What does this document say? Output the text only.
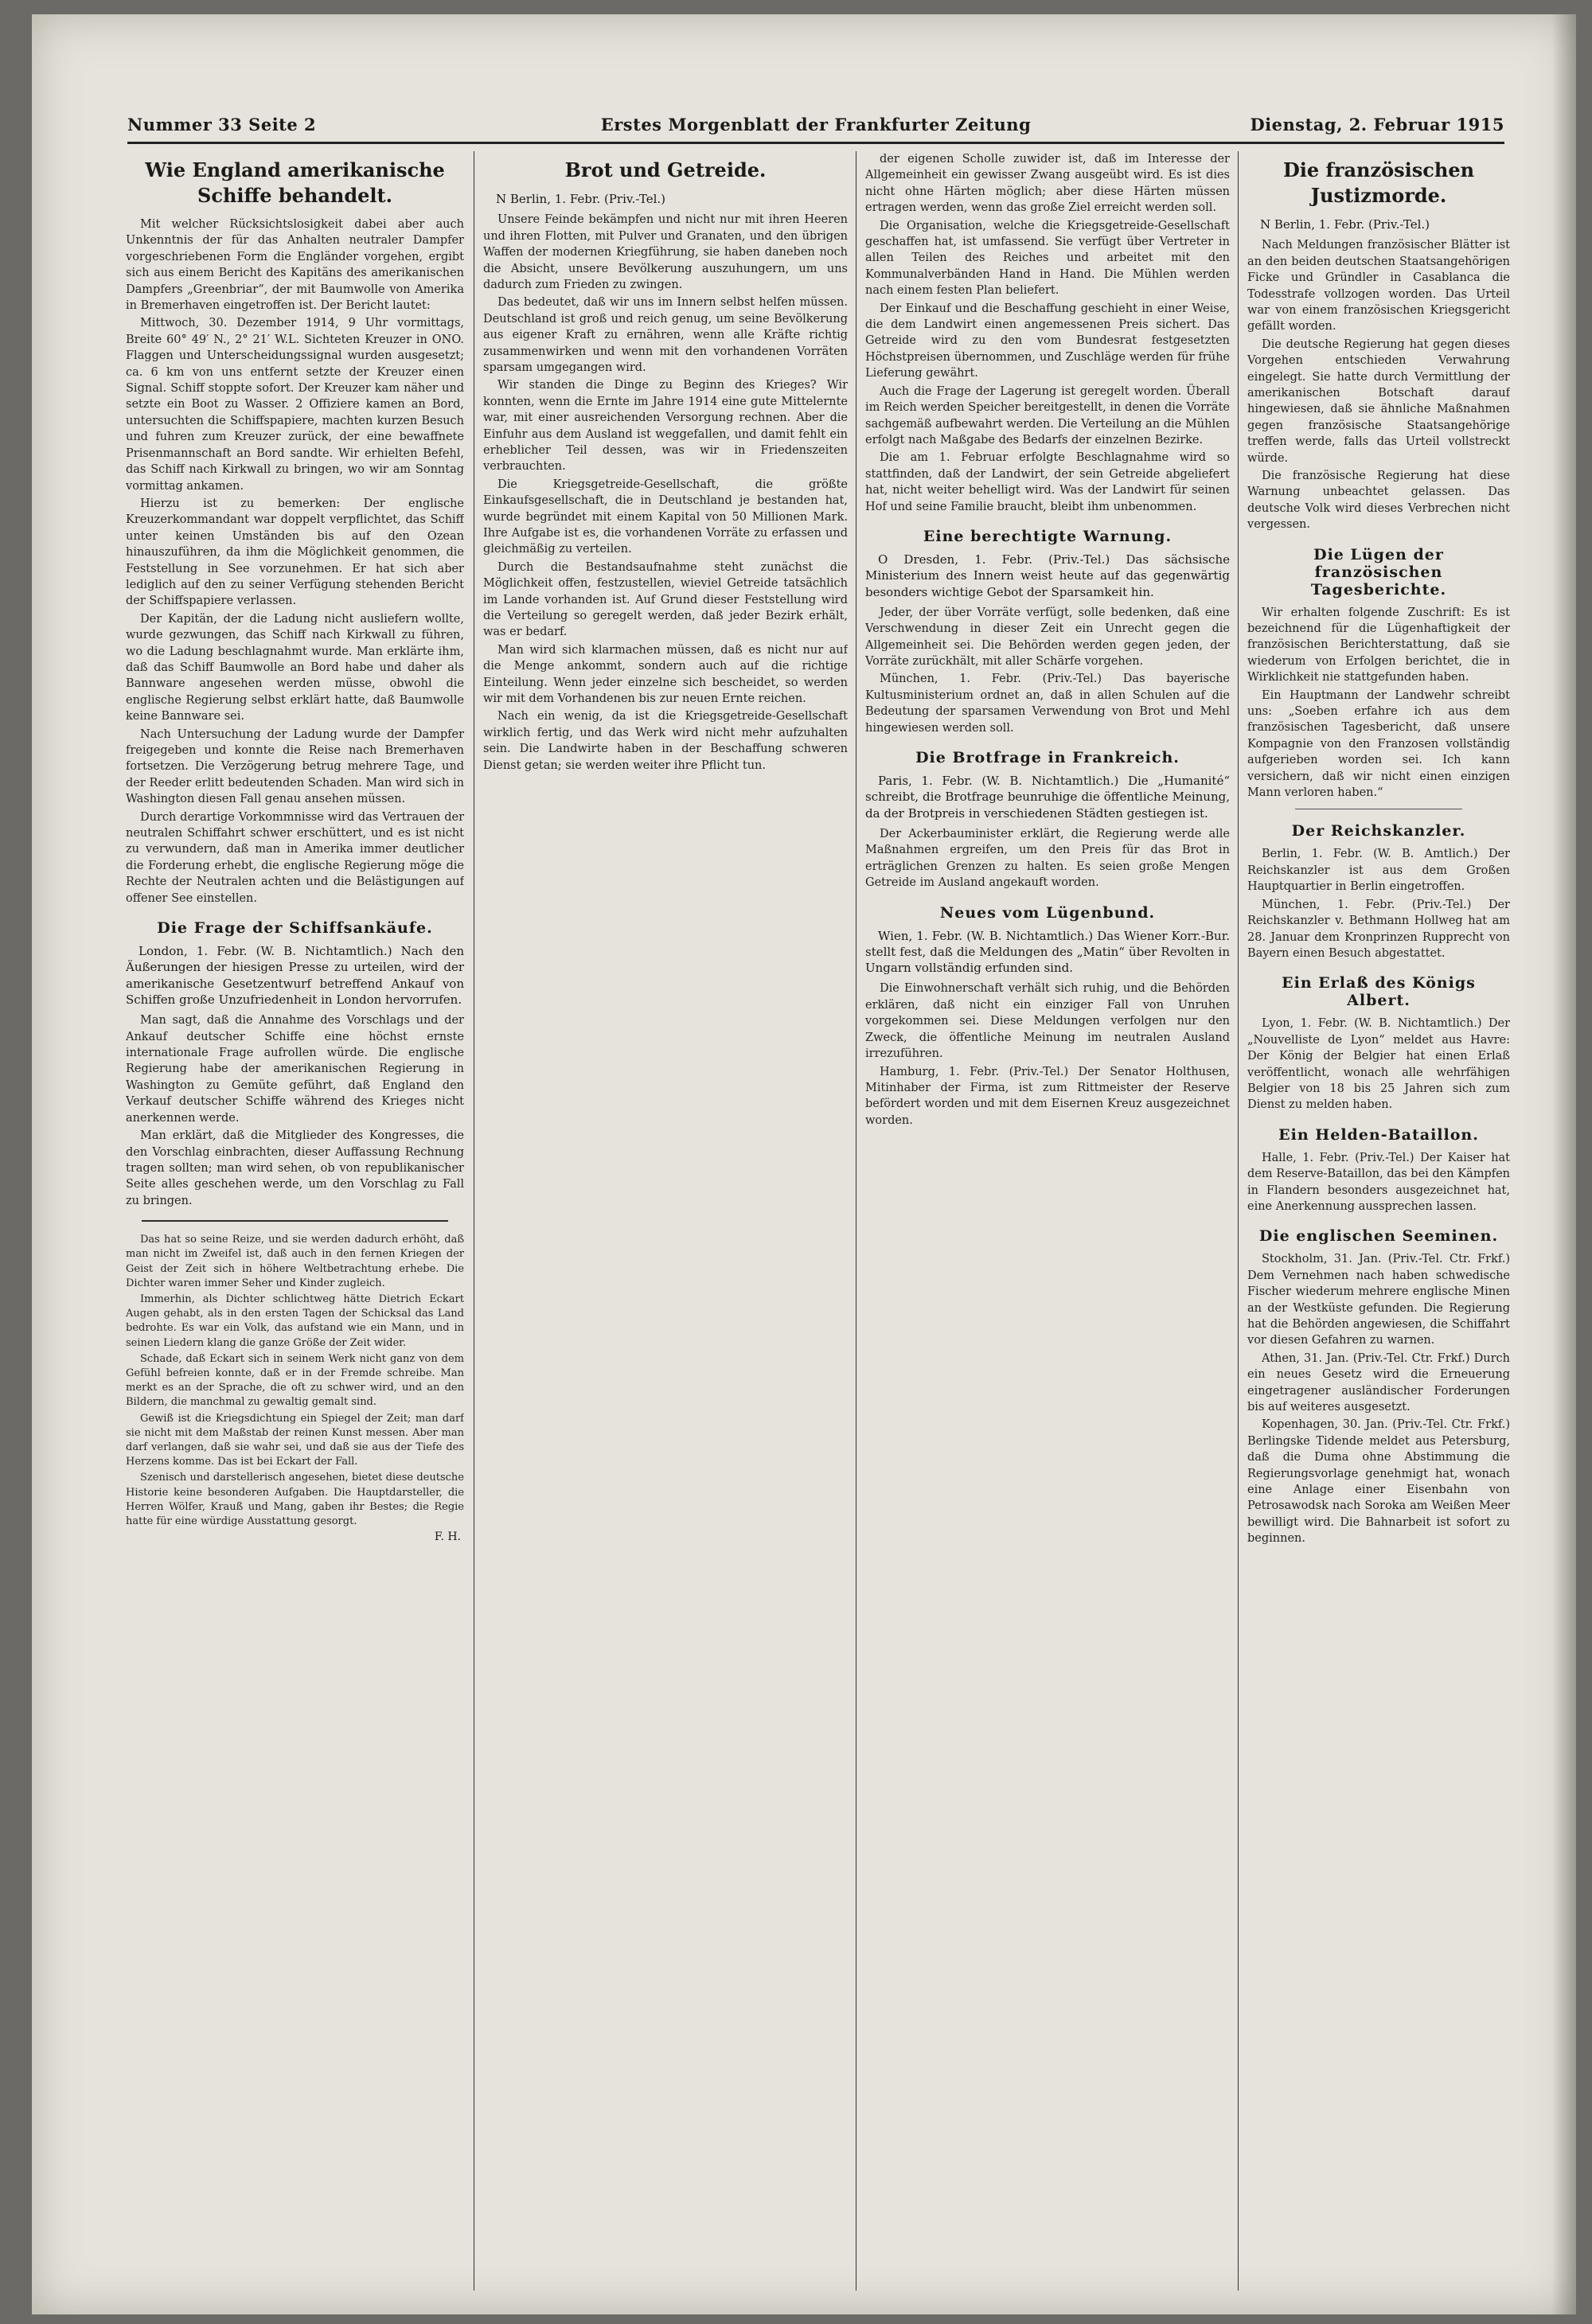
Nummer 33 Seite 2	Erstes Morgenblatt der Frankfurter Zeitung	Dienstag, 2. Februar 1915
Wie England amerikanische Schiffe behandelt.

Mit welcher Rücksichtslosigkeit dabei aber auch Unkenntnis der für das Anhalten neutraler Dampfer vorgeschriebenen Form die Engländer vorgehen, ergibt sich aus einem Bericht des Kapitäns des amerikanischen Dampfers „Greenbriar“, der mit Baumwolle von Amerika in Bremerhaven eingetroffen ist. Der Bericht lautet:

Mittwoch, 30. Dezember 1914, 9 Uhr vormittags, Breite 60° 49′ N., 2° 21′ W.L. Sichteten Kreuzer in ONO. Flaggen und Unterscheidungssignal wurden ausgesetzt; ca. 6 km von uns entfernt setzte der Kreuzer einen Signal. Schiff stoppte sofort. Der Kreuzer kam näher und setzte ein Boot zu Wasser. 2 Offiziere kamen an Bord, untersuchten die Schiffspapiere, machten kurzen Besuch und fuhren zum Kreuzer zurück, der eine bewaffnete Prisenmannschaft an Bord sandte. Wir erhielten Befehl, das Schiff nach Kirkwall zu bringen, wo wir am Sonntag vormittag ankamen.

Hierzu ist zu bemerken: Der englische Kreuzerkommandant war doppelt verpflichtet, das Schiff unter keinen Umständen bis auf den Ozean hinauszuführen, da ihm die Möglichkeit genommen, die Feststellung in See vorzunehmen. Er hat sich aber lediglich auf den zu seiner Verfügung stehenden Bericht der Schiffspapiere verlassen.

Der Kapitän, der die Ladung nicht ausliefern wollte, wurde gezwungen, das Schiff nach Kirkwall zu führen, wo die Ladung beschlagnahmt wurde. Man erklärte ihm, daß das Schiff Baumwolle an Bord habe und daher als Bannware angesehen werden müsse, obwohl die englische Regierung selbst erklärt hatte, daß Baumwolle keine Bannware sei.

Nach Untersuchung der Ladung wurde der Dampfer freigegeben und konnte die Reise nach Bremerhaven fortsetzen. Die Verzögerung betrug mehrere Tage, und der Reeder erlitt bedeutenden Schaden. Man wird sich in Washington diesen Fall genau ansehen müssen.

Durch derartige Vorkommnisse wird das Vertrauen der neutralen Schiffahrt schwer erschüttert, und es ist nicht zu verwundern, daß man in Amerika immer deutlicher die Forderung erhebt, die englische Regierung möge die Rechte der Neutralen achten und die Belästigungen auf offener See einstellen.

Die Frage der Schiffsankäufe.

London, 1. Febr. (W. B. Nichtamtlich.) Nach den Äußerungen der hiesigen Presse zu urteilen, wird der amerikanische Gesetzentwurf betreffend Ankauf von Schiffen große Unzufriedenheit in London hervorrufen.

Man sagt, daß die Annahme des Vorschlags und der Ankauf deutscher Schiffe eine höchst ernste internationale Frage aufrollen würde. Die englische Regierung habe der amerikanischen Regierung in Washington zu Gemüte geführt, daß England den Verkauf deutscher Schiffe während des Krieges nicht anerkennen werde.

Man erklärt, daß die Mitglieder des Kongresses, die den Vorschlag einbrachten, dieser Auffassung Rechnung tragen sollten; man wird sehen, ob von republikanischer Seite alles geschehen werde, um den Vorschlag zu Fall zu bringen.

Das hat so seine Reize, und sie werden dadurch erhöht, daß man nicht im Zweifel ist, daß auch in den fernen Kriegen der Geist der Zeit sich in höhere Weltbetrachtung erhebe. Die Dichter waren immer Seher und Kinder zugleich.

Immerhin, als Dichter schlichtweg hätte Dietrich Eckart Augen gehabt, als in den ersten Tagen der Schicksal das Land bedrohte. Es war ein Volk, das aufstand wie ein Mann, und in seinen Liedern klang die ganze Größe der Zeit wider.

Schade, daß Eckart sich in seinem Werk nicht ganz von dem Gefühl befreien konnte, daß er in der Fremde schreibe. Man merkt es an der Sprache, die oft zu schwer wird, und an den Bildern, die manchmal zu gewaltig gemalt sind.

Gewiß ist die Kriegsdichtung ein Spiegel der Zeit; man darf sie nicht mit dem Maßstab der reinen Kunst messen. Aber man darf verlangen, daß sie wahr sei, und daß sie aus der Tiefe des Herzens komme. Das ist bei Eckart der Fall.

Szenisch und darstellerisch angesehen, bietet diese deutsche Historie keine besonderen Aufgaben. Die Hauptdarsteller, die Herren Wölfer, Krauß und Mang, gaben ihr Bestes; die Regie hatte für eine würdige Ausstattung gesorgt.

F. H.
Brot und Getreide.

N Berlin, 1. Febr. (Priv.-Tel.)

Unsere Feinde bekämpfen und nicht nur mit ihren Heeren und ihren Flotten, mit Pulver und Granaten, und den übrigen Waffen der modernen Kriegführung, sie haben daneben noch die Absicht, unsere Bevölkerung auszuhungern, um uns dadurch zum Frieden zu zwingen.

Das bedeutet, daß wir uns im Innern selbst helfen müssen. Deutschland ist groß und reich genug, um seine Bevölkerung aus eigener Kraft zu ernähren, wenn alle Kräfte richtig zusammenwirken und wenn mit den vorhandenen Vorräten sparsam umgegangen wird.

Wir standen die Dinge zu Beginn des Krieges? Wir konnten, wenn die Ernte im Jahre 1914 eine gute Mittelernte war, mit einer ausreichenden Versorgung rechnen. Aber die Einfuhr aus dem Ausland ist weggefallen, und damit fehlt ein erheblicher Teil dessen, was wir in Friedenszeiten verbrauchten.

Die Kriegsgetreide-Gesellschaft, die größte Einkaufsgesellschaft, die in Deutschland je bestanden hat, wurde begründet mit einem Kapital von 50 Millionen Mark. Ihre Aufgabe ist es, die vorhandenen Vorräte zu erfassen und gleichmäßig zu verteilen.

Durch die Bestandsaufnahme steht zunächst die Möglichkeit offen, festzustellen, wieviel Getreide tatsächlich im Lande vorhanden ist. Auf Grund dieser Feststellung wird die Verteilung so geregelt werden, daß jeder Bezirk erhält, was er bedarf.

Man wird sich klarmachen müssen, daß es nicht nur auf die Menge ankommt, sondern auch auf die richtige Einteilung. Wenn jeder einzelne sich bescheidet, so werden wir mit dem Vorhandenen bis zur neuen Ernte reichen.

Nach ein wenig, da ist die Kriegsgetreide-Gesellschaft wirklich fertig, und das Werk wird nicht mehr aufzuhalten sein. Die Landwirte haben in der Beschaffung schweren Dienst getan; sie werden weiter ihre Pflicht tun.

der eigenen Scholle zuwider ist, daß im Interesse der Allgemeinheit ein gewisser Zwang ausgeübt wird. Es ist dies nicht ohne Härten möglich; aber diese Härten müssen ertragen werden, wenn das große Ziel erreicht werden soll.

Die Organisation, welche die Kriegsgetreide-Gesellschaft geschaffen hat, ist umfassend. Sie verfügt über Vertreter in allen Teilen des Reiches und arbeitet mit den Kommunalverbänden Hand in Hand. Die Mühlen werden nach einem festen Plan beliefert.

Der Einkauf und die Beschaffung geschieht in einer Weise, die dem Landwirt einen angemessenen Preis sichert. Das Getreide wird zu den vom Bundesrat festgesetzten Höchstpreisen übernommen, und Zuschläge werden für frühe Lieferung gewährt.

Auch die Frage der Lagerung ist geregelt worden. Überall im Reich werden Speicher bereitgestellt, in denen die Vorräte sachgemäß aufbewahrt werden. Die Verteilung an die Mühlen erfolgt nach Maßgabe des Bedarfs der einzelnen Bezirke.

Die am 1. Februar erfolgte Beschlagnahme wird so stattfinden, daß der Landwirt, der sein Getreide abgeliefert hat, nicht weiter behelligt wird. Was der Landwirt für seinen Hof und seine Familie braucht, bleibt ihm unbenommen.

Eine berechtigte Warnung.

O Dresden, 1. Febr. (Priv.-Tel.) Das sächsische Ministerium des Innern weist heute auf das gegenwärtig besonders wichtige Gebot der Sparsamkeit hin.

Jeder, der über Vorräte verfügt, solle bedenken, daß eine Verschwendung in dieser Zeit ein Unrecht gegen die Allgemeinheit sei. Die Behörden werden gegen jeden, der Vorräte zurückhält, mit aller Schärfe vorgehen.

München, 1. Febr. (Priv.-Tel.) Das bayerische Kultusministerium ordnet an, daß in allen Schulen auf die Bedeutung der sparsamen Verwendung von Brot und Mehl hingewiesen werden soll.

Die Brotfrage in Frankreich.

Paris, 1. Febr. (W. B. Nichtamtlich.) Die „Humanité“ schreibt, die Brotfrage beunruhige die öffentliche Meinung, da der Brotpreis in verschiedenen Städten gestiegen ist.

Der Ackerbauminister erklärt, die Regierung werde alle Maßnahmen ergreifen, um den Preis für das Brot in erträglichen Grenzen zu halten. Es seien große Mengen Getreide im Ausland angekauft worden.

Neues vom Lügenbund.

Wien, 1. Febr. (W. B. Nichtamtlich.) Das Wiener Korr.-Bur. stellt fest, daß die Meldungen des „Matin“ über Revolten in Ungarn vollständig erfunden sind.

Die Einwohnerschaft verhält sich ruhig, und die Behörden erklären, daß nicht ein einziger Fall von Unruhen vorgekommen sei. Diese Meldungen verfolgen nur den Zweck, die öffentliche Meinung im neutralen Ausland irrezuführen.

Hamburg, 1. Febr. (Priv.-Tel.) Der Senator Holthusen, Mitinhaber der Firma, ist zum Rittmeister der Reserve befördert worden und mit dem Eisernen Kreuz ausgezeichnet worden.

Die französischen Justizmorde.

N Berlin, 1. Febr. (Priv.-Tel.)

Nach Meldungen französischer Blätter ist an den beiden deutschen Staatsangehörigen Ficke und Gründler in Casablanca die Todesstrafe vollzogen worden. Das Urteil war von einem französischen Kriegsgericht gefällt worden.

Die deutsche Regierung hat gegen dieses Vorgehen entschieden Verwahrung eingelegt. Sie hatte durch Vermittlung der amerikanischen Botschaft darauf hingewiesen, daß sie ähnliche Maßnahmen gegen französische Staatsangehörige treffen werde, falls das Urteil vollstreckt würde.

Die französische Regierung hat diese Warnung unbeachtet gelassen. Das deutsche Volk wird dieses Verbrechen nicht vergessen.

Die Lügen der französischen Tagesberichte.

Wir erhalten folgende Zuschrift: Es ist bezeichnend für die Lügenhaftigkeit der französischen Berichterstattung, daß sie wiederum von Erfolgen berichtet, die in Wirklichkeit nie stattgefunden haben.

Ein Hauptmann der Landwehr schreibt uns: „Soeben erfahre ich aus dem französischen Tagesbericht, daß unsere Kompagnie von den Franzosen vollständig aufgerieben worden sei. Ich kann versichern, daß wir nicht einen einzigen Mann verloren haben.“

Der Reichskanzler.

Berlin, 1. Febr. (W. B. Amtlich.) Der Reichskanzler ist aus dem Großen Hauptquartier in Berlin eingetroffen.

München, 1. Febr. (Priv.-Tel.) Der Reichskanzler v. Bethmann Hollweg hat am 28. Januar dem Kronprinzen Rupprecht von Bayern einen Besuch abgestattet.

Ein Erlaß des Königs Albert.

Lyon, 1. Febr. (W. B. Nichtamtlich.) Der „Nouvelliste de Lyon“ meldet aus Havre: Der König der Belgier hat einen Erlaß veröffentlicht, wonach alle wehrfähigen Belgier von 18 bis 25 Jahren sich zum Dienst zu melden haben.

Ein Helden-Bataillon.

Halle, 1. Febr. (Priv.-Tel.) Der Kaiser hat dem Reserve-Bataillon, das bei den Kämpfen in Flandern besonders ausgezeichnet hat, eine Anerkennung aussprechen lassen.

Die englischen Seeminen.

Stockholm, 31. Jan. (Priv.-Tel. Ctr. Frkf.) Dem Vernehmen nach haben schwedische Fischer wiederum mehrere englische Minen an der Westküste gefunden. Die Regierung hat die Behörden angewiesen, die Schiffahrt vor diesen Gefahren zu warnen.

Athen, 31. Jan. (Priv.-Tel. Ctr. Frkf.) Durch ein neues Gesetz wird die Erneuerung eingetragener ausländischer Forderungen bis auf weiteres ausgesetzt.

Kopenhagen, 30. Jan. (Priv.-Tel. Ctr. Frkf.) Berlingske Tidende meldet aus Petersburg, daß die Duma ohne Abstimmung die Regierungsvorlage genehmigt hat, wonach eine Anlage einer Eisenbahn von Petrosawodsk nach Soroka am Weißen Meer bewilligt wird. Die Bahnarbeit ist sofort zu beginnen.
